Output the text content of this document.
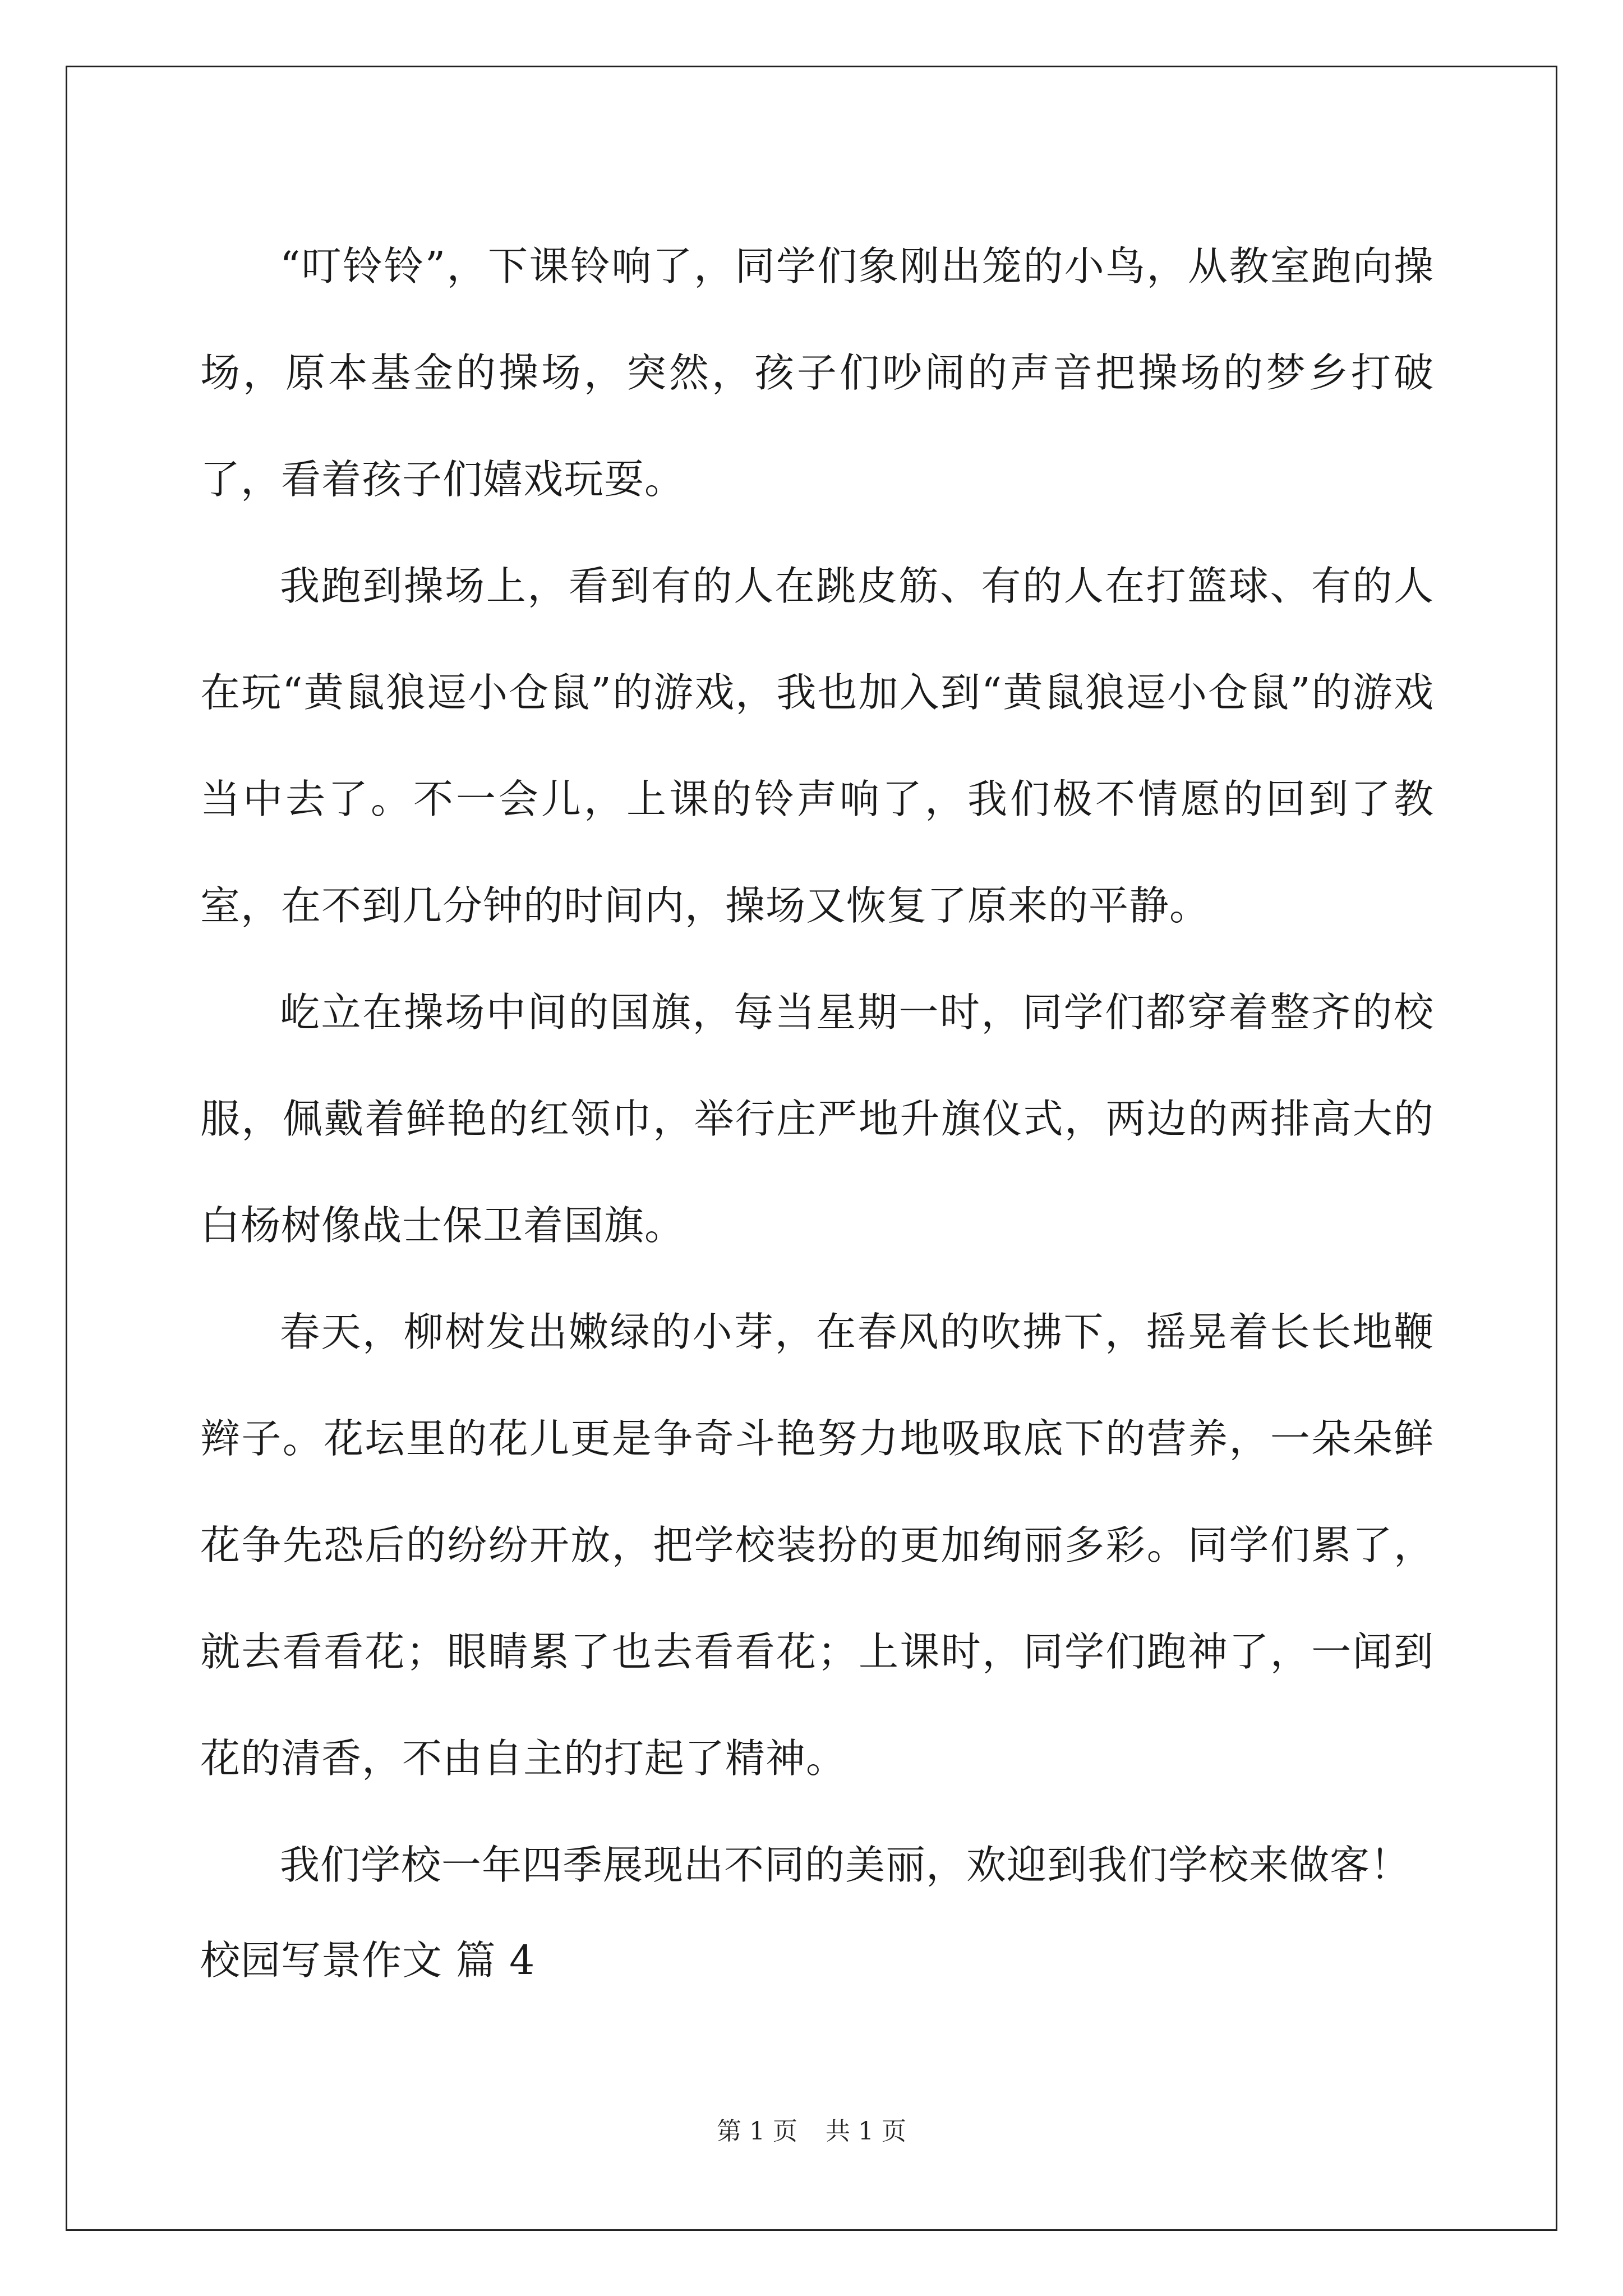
“叮铃铃”，下课铃响了，同学们象刚出笼的小鸟，从教室跑向操场，原本基金的操场，突然，孩子们吵闹的声音把操场的梦乡打破了，看着孩子们嬉戏玩耍。

我跑到操场上，看到有的人在跳皮筋、有的人在打篮球、有的人在玩“黄鼠狼逗小仓鼠”的游戏，我也加入到“黄鼠狼逗小仓鼠”的游戏当中去了。不一会儿，上课的铃声响了，我们极不情愿的回到了教室，在不到几分钟的时间内，操场又恢复了原来的平静。

屹立在操场中间的国旗，每当星期一时，同学们都穿着整齐的校服，佩戴着鲜艳的红领巾，举行庄严地升旗仪式，两边的两排高大的白杨树像战士保卫着国旗。

春天，柳树发出嫩绿的小芽，在春风的吹拂下，摇晃着长长地鞭辫子。花坛里的花儿更是争奇斗艳努力地吸取底下的营养，一朵朵鲜花争先恐后的纷纷开放，把学校装扮的更加绚丽多彩。同学们累了，就去看看花；眼睛累了也去看看花；上课时，同学们跑神了，一闻到花的清香，不由自主的打起了精神。

我们学校一年四季展现出不同的美丽，欢迎到我们学校来做客！

校园写景作文 篇 4

第 1 页 共 1 页
